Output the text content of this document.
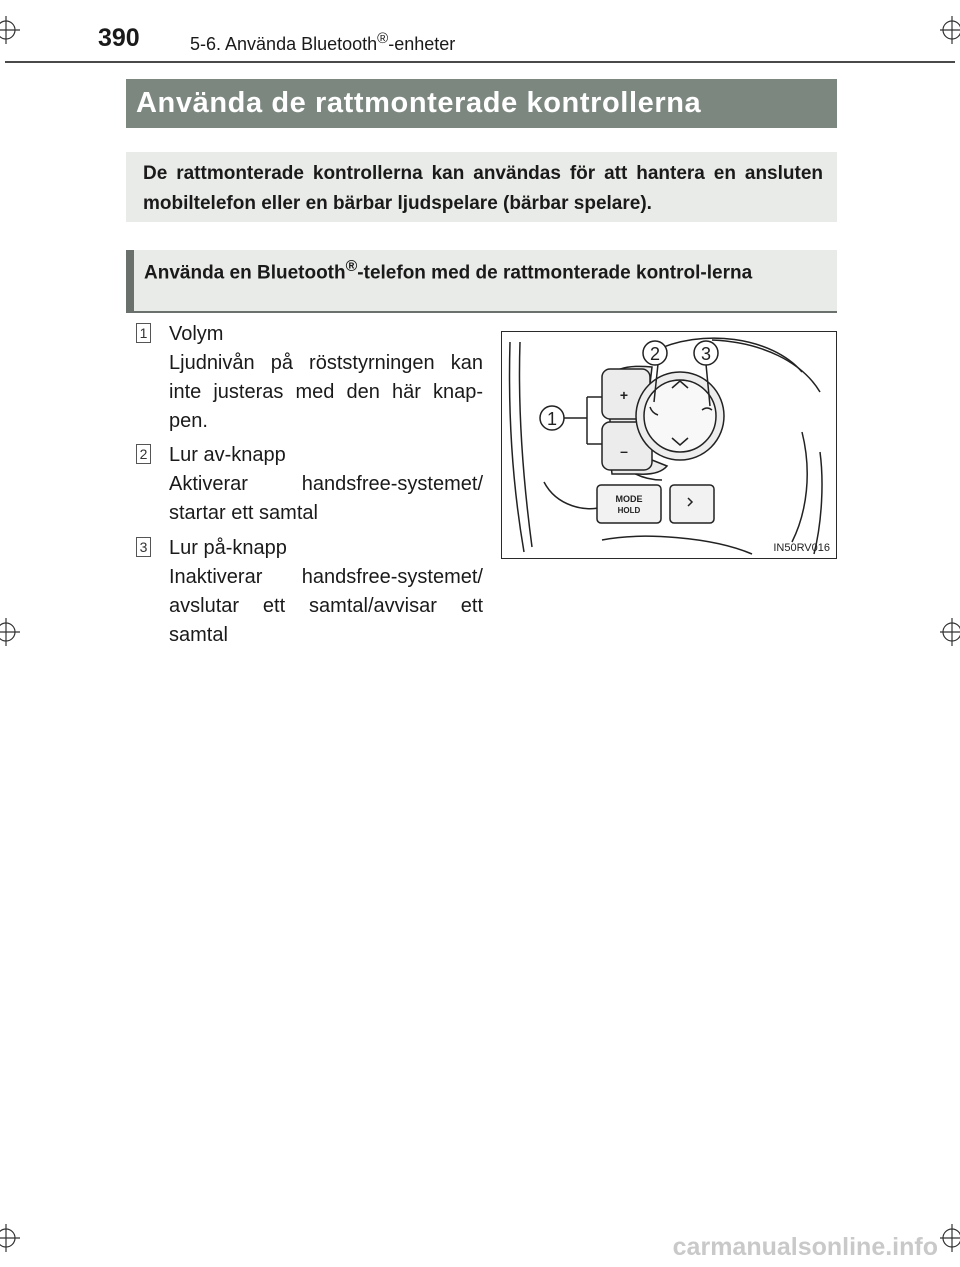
390	5-6. Använda Bluetooth®-enheter
Använda de rattmonterade kontrollerna
De rattmonterade kontrollerna kan användas för att hantera en ansluten mobiltelefon eller en bärbar ljudspelare (bärbar spelare).
Använda en Bluetooth®-telefon med de rattmonterade kontrol-lerna
1 Volym
Ljudnivån på röststyrningen kan inte justeras med den här knap-pen.
2 Lur av-knapp
Aktiverar handsfree-systemet/ startar ett samtal
3 Lur på-knapp
Inaktiverar handsfree-systemet/ avslutar ett samtal/avvisar ett samtal
1
2 3
+
–
MODE
HOLD
IN50RV016
carmanualsonline.info
